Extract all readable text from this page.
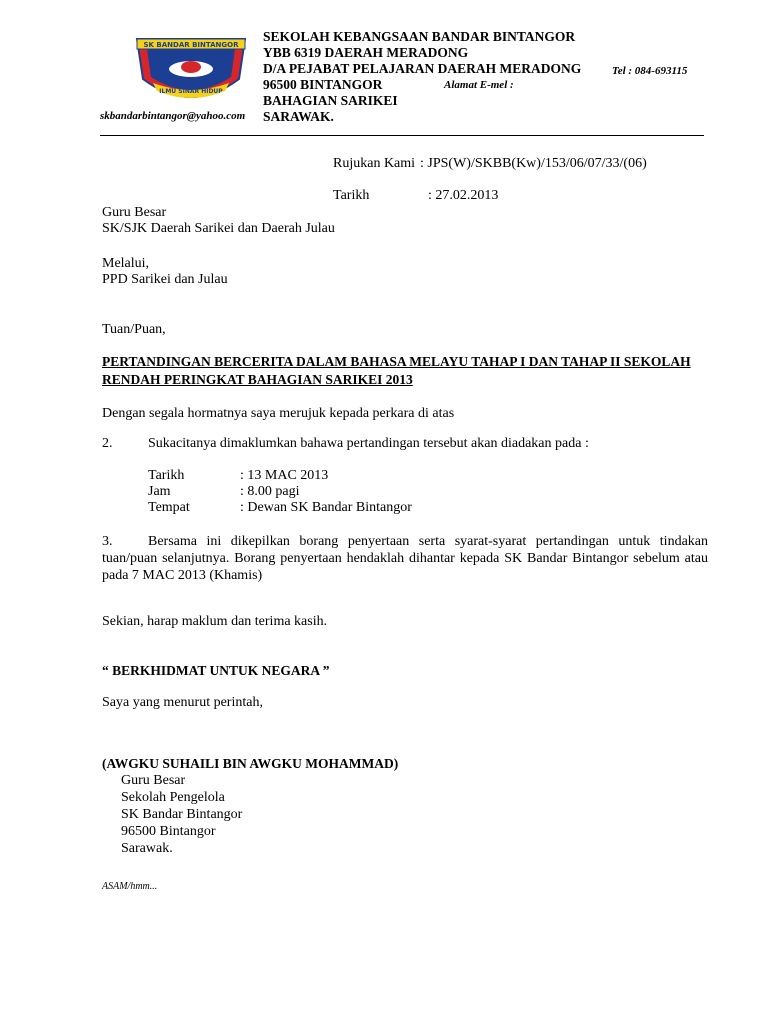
SK BANDAR BINTANGOR
ILMU SINAR HIDUP
SEKOLAH KEBANGSAAN BANDAR BINTANGOR
YBB 6319 DAERAH MERADONG
D/A PEJABAT PELAJARAN DAERAH MERADONG
96500 BINTANGOR	Alamat E-mel :
Tel : 084-693115
BAHAGIAN SARIKEI
skbandarbintangor@yahoo.com SARAWAK.
Rujukan Kami : JPS(W)/SKBB(Kw)/153/06/07/33/(06)
Tarikh	: 27.02.2013
Guru Besar
SK/SJK Daerah Sarikei dan Daerah Julau
Melalui,
PPD Sarikei dan Julau
Tuan/Puan,
PERTANDINGAN BERCERITA DALAM BAHASA MELAYU TAHAP I DAN TAHAP II SEKOLAH RENDAH PERINGKAT BAHAGIAN SARIKEI 2013
Dengan segala hormatnya saya merujuk kepada perkara di atas
2.	Sukacitanya dimaklumkan bahawa pertandingan tersebut akan diadakan pada :
Tarikh	: 13 MAC 2013
Jam	: 8.00 pagi
Tempat	: Dewan SK Bandar Bintangor
3.	Bersama ini dikepilkan borang penyertaan serta syarat-syarat pertandingan untuk tindakan tuan/puan selanjutnya. Borang penyertaan hendaklah dihantar kepada SK Bandar Bintangor sebelum atau pada 7 MAC 2013 (Khamis)
Sekian, harap maklum dan terima kasih.
“ BERKHIDMAT UNTUK NEGARA ”
Saya yang menurut perintah,
(AWGKU SUHAILI BIN AWGKU MOHAMMAD)
Guru Besar
Sekolah Pengelola
SK Bandar Bintangor
96500 Bintangor
Sarawak.
ASAM/hmm...
